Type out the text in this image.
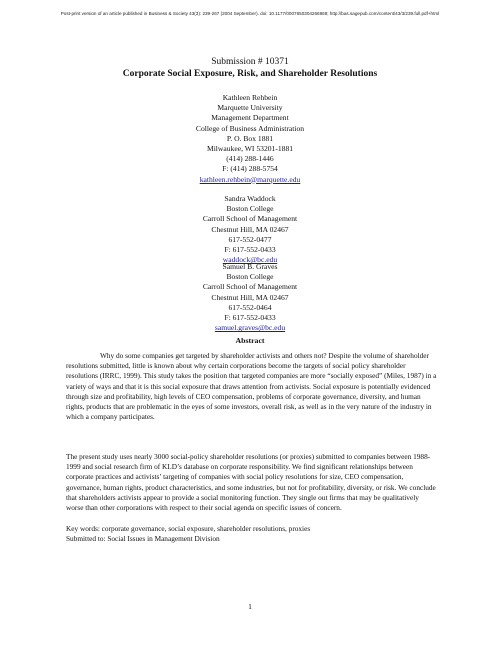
Post-print version of an article published in Business & Society 43(3): 239-267 (2004 September). doi: 10.1177/0007650304266869; http://bas.sagepub.com/content/43/3/239.full.pdf+html
Submission # 10371
Corporate Social Exposure, Risk, and Shareholder Resolutions
Kathleen Rehbein
Marquette University
Management Department
College of Business Administration
P. O. Box 1881
Milwaukee, WI 53201-1881
(414) 288-1446
F: (414) 288-5754
kathleen.rehbein@marquette.edu
Sandra Waddock
Boston College
Carroll School of Management
Chestnut Hill, MA 02467
617-552-0477
F: 617-552-0433
waddock@bc.edu
Samuel B. Graves
Boston College
Carroll School of Management
Chestnut Hill, MA 02467
617-552-0464
F: 617-552-0433
samuel.graves@bc.edu
Abstract
Why do some companies get targeted by shareholder activists and others not? Despite the volume of shareholder resolutions submitted, little is known about why certain corporations become the targets of social policy shareholder resolutions (IRRC, 1999). This study takes the position that targeted companies are more “socially exposed” (Miles, 1987) in a variety of ways and that it is this social exposure that draws attention from activists. Social exposure is potentially evidenced through size and profitability, high levels of CEO compensation, problems of corporate governance, diversity, and human rights, products that are problematic in the eyes of some investors, overall risk, as well as in the very nature of the industry in which a company participates.
The present study uses nearly 3000 social-policy shareholder resolutions (or proxies) submitted to companies between 1988-1999 and social research firm of KLD’s database on corporate responsibility. We find significant relationships between corporate practices and activists’ targeting of companies with social policy resolutions for size, CEO compensation, governance, human rights, product characteristics, and some industries, but not for profitability, diversity, or risk. We conclude that shareholders activists appear to provide a social monitoring function. They single out firms that may be qualitatively worse than other corporations with respect to their social agenda on specific issues of concern.
Key words: corporate governance, social exposure, shareholder resolutions, proxies
Submitted to: Social Issues in Management Division
1
